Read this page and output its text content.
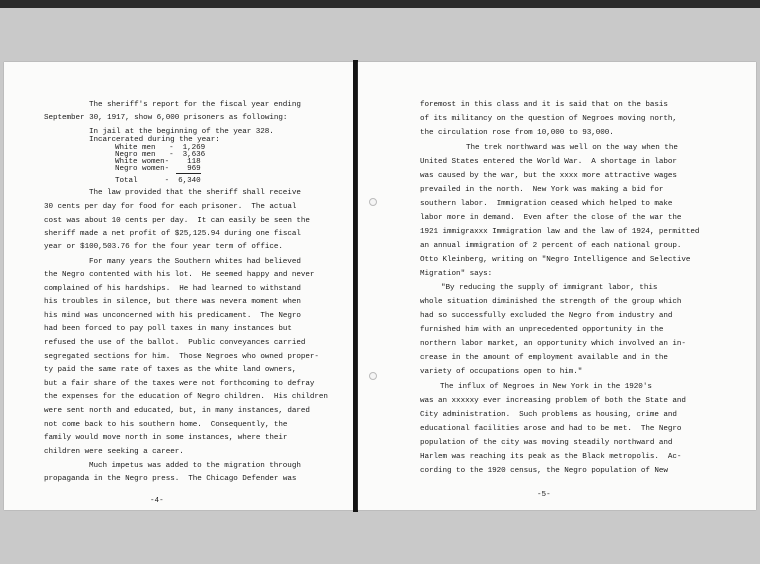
The sheriff's report for the fiscal year ending
September 30, 1917, show 6,000 prisoners as following:
In jail at the beginning of the year 328.
Incarcerated during the year:
White men   -  1,269
Negro men   -  3,636
White women-    118
Negro women-    969
Total      -  6,340
The law provided that the sheriff shall receive
30 cents per day for food for each prisoner.  The actual
cost was about 10 cents per day.  It can easily be seen the
sheriff made a net profit of $25,125.94 during one fiscal
year or $100,503.76 for the four year term of office.
For many years the Southern whites had believed
the Negro contented with his lot.  He seemed happy and never
complained of his hardships.  He had learned to withstand
his troubles in silence, but there was nevera moment when
his mind was unconcerned with his predicament.  The Negro
had been forced to pay poll taxes in many instances but
refused the use of the ballot.  Public conveyances carried
segregated sections for him.  Those Negroes who owned proper-
ty paid the same rate of taxes as the white land owners,
but a fair share of the taxes were not forthcoming to defray
the expenses for the education of Negro children.  His children
were sent north and educated, but, in many instances, dared
not come back to his southern home.  Consequently, the
family would move north in some instances, where their
children were seeking a career.
Much impetus was added to the migration through
propaganda in the Negro press.  The Chicago Defender was
-4-
foremost in this class and it is said that on the basis
of its militancy on the question of Negroes moving north,
the circulation rose from 10,000 to 93,000.
The trek northward was well on the way when the
United States entered the World War.  A shortage in labor
was caused by the war, but the xxxx more attractive wages
prevailed in the north.  New York was making a bid for
southern labor.  Immigration ceased which helped to make
labor more in demand.  Even after the close of the war the
1921 immigraxxx Immigration law and the law of 1924, permitted
an annual immigration of 2 percent of each national group.
Otto Kleinberg, writing on "Negro Intelligence and Selective
Migration" says:
"By reducing the supply of immigrant labor, this
whole situation diminished the strength of the group which
had so successfully excluded the Negro from industry and
furnished him with an unprecedented opportunity in the
northern labor market, an opportunity which involved an in-
crease in the amount of employment available and in the
variety of occupations open to him."
The influx of Negroes in New York in the 1920's
was an xxxxxy ever increasing problem of both the State and
City administration.  Such problems as housing, crime and
educational facilities arose and had to be met.  The Negro
population of the city was moving steadily northward and
Harlem was reaching its peak as the Black metropolis.  Ac-
cording to the 1920 census, the Negro population of New
-5-
